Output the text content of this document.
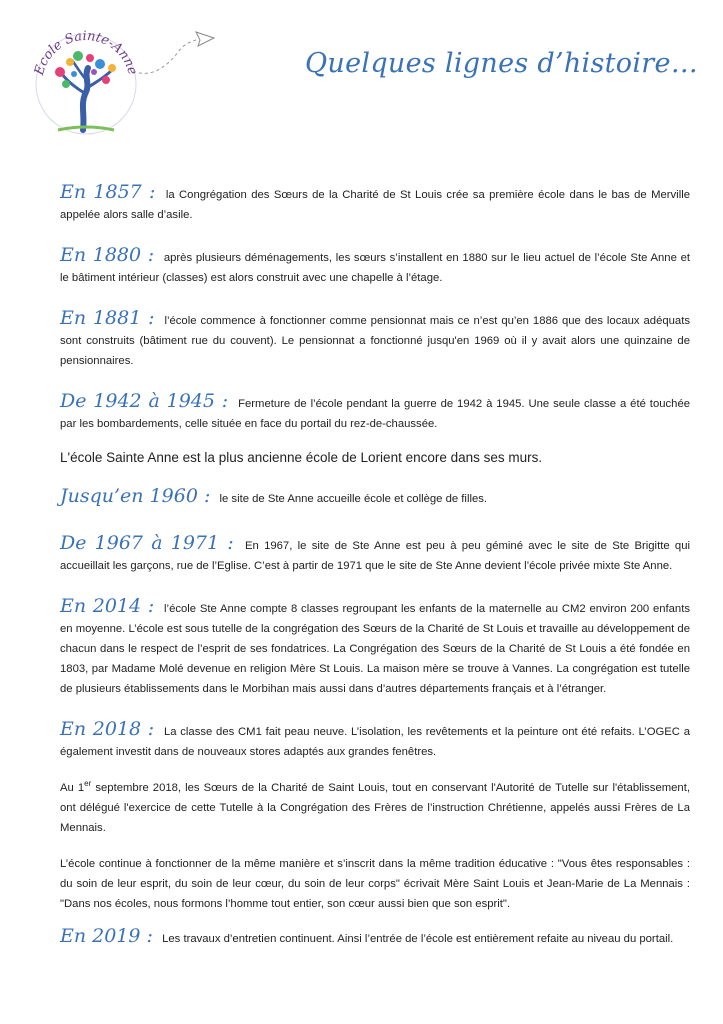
Ecole Sainte-Anne	Quelques lignes d’histoire…

En 1857 : la Congrégation des Sœurs de la Charité de St Louis crée sa première école dans le bas de Merville appelée alors salle d’asile.

En 1880 : après plusieurs déménagements, les sœurs s’installent en 1880 sur le lieu actuel de l’école Ste Anne et le bâtiment intérieur (classes) est alors construit avec une chapelle à l’étage.

En 1881 : l’école commence à fonctionner comme pensionnat mais ce n’est qu’en 1886 que des locaux adéquats sont construits (bâtiment rue du couvent). Le pensionnat a fonctionné jusqu'en 1969 où il y avait alors une quinzaine de pensionnaires.

De 1942 à 1945 : Fermeture de l’école pendant la guerre de 1942 à 1945. Une seule classe a été touchée par les bombardements, celle située en face du portail du rez-de-chaussée.

L'école Sainte Anne est la plus ancienne école de Lorient encore dans ses murs.

Jusqu’en 1960 : le site de Ste Anne accueille école et collège de filles.

De 1967 à 1971 : En 1967, le site de Ste Anne est peu à peu géminé avec le site de Ste Brigitte qui accueillait les garçons, rue de l’Eglise. C’est à partir de 1971 que le site de Ste Anne devient l’école privée mixte Ste Anne.

En 2014 : l’école Ste Anne compte 8 classes regroupant les enfants de la maternelle au CM2 environ 200 enfants en moyenne. L’école est sous tutelle de la congrégation des Sœurs de la Charité de St Louis et travaille au développement de chacun dans le respect de l’esprit de ses fondatrices. La Congrégation des Sœurs de la Charité de St Louis a été fondée en 1803, par Madame Molé devenue en religion Mère St Louis. La maison mère se trouve à Vannes. La congrégation est tutelle de plusieurs établissements dans le Morbihan mais aussi dans d’autres départements français et à l’étranger.

En 2018 : La classe des CM1 fait peau neuve. L’isolation, les revêtements et la peinture ont été refaits. L’OGEC a également investit dans de nouveaux stores adaptés aux grandes fenêtres.

Au 1er septembre 2018, les Sœurs de la Charité de Saint Louis, tout en conservant l'Autorité de Tutelle sur l'établissement, ont délégué l'exercice de cette Tutelle à la Congrégation des Frères de l’instruction Chrétienne, appelés aussi Frères de La Mennais.

L’école continue à fonctionner de la même manière et s’inscrit dans la même tradition éducative : "Vous êtes responsables : du soin de leur esprit, du soin de leur cœur, du soin de leur corps" écrivait Mère Saint Louis et Jean-Marie de La Mennais : "Dans nos écoles, nous formons l’homme tout entier, son cœur aussi bien que son esprit".

En 2019 : Les travaux d’entretien continuent. Ainsi l’entrée de l’école est entièrement refaite au niveau du portail.
